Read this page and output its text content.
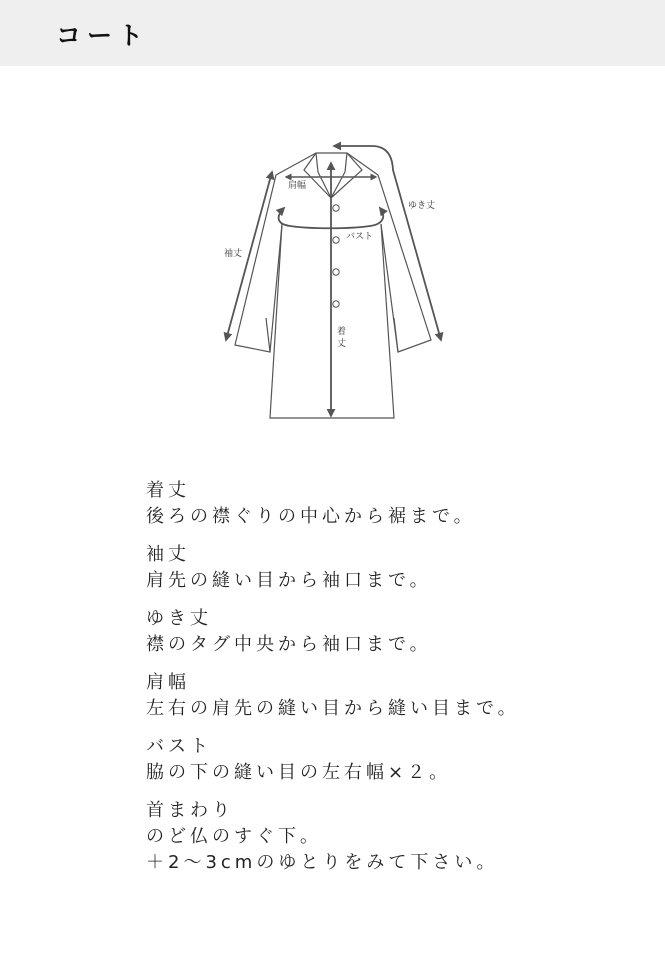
コート
肩幅
ゆき丈
袖丈
バスト
着
丈
着丈
後ろの襟ぐりの中心から裾まで。
袖丈
肩先の縫い目から袖口まで。
ゆき丈
襟のタグ中央から袖口まで。
肩幅
左右の肩先の縫い目から縫い目まで。
バスト
脇の下の縫い目の左右幅×２。
首まわり
のど仏のすぐ下。
＋2〜3cmのゆとりをみて下さい。
